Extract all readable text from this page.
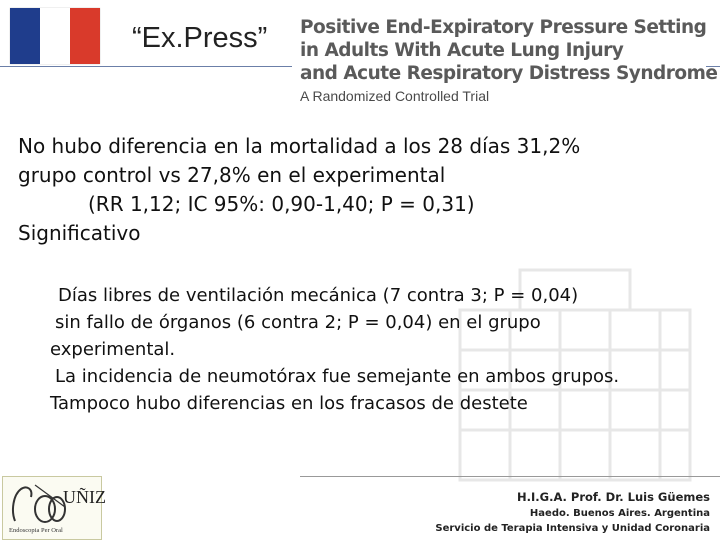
“Ex.Press” Positive End-Expiratory Pressure Setting
in Adults With Acute Lung Injury
and Acute Respiratory Distress Syndrome
A Randomized Controlled Trial
No hubo diferencia en la mortalidad a los 28 días 31,2%
grupo control vs 27,8% en el experimental
(RR 1,12; IC 95%: 0,90-1,40; P = 0,31)
Significativo
Días libres de ventilación mecánica (7 contra 3; P = 0,04)
sin fallo de órganos (6 contra 2; P = 0,04) en el grupo
experimental.
La incidencia de neumotórax fue semejante en ambos grupos.
Tampoco hubo diferencias en los fracasos de destete
UÑIZ
Endoscopia Per Oral
H.I.G.A. Prof. Dr. Luis Güemes
Haedo. Buenos Aires. Argentina
Servicio de Terapia Intensiva y Unidad Coronaria
